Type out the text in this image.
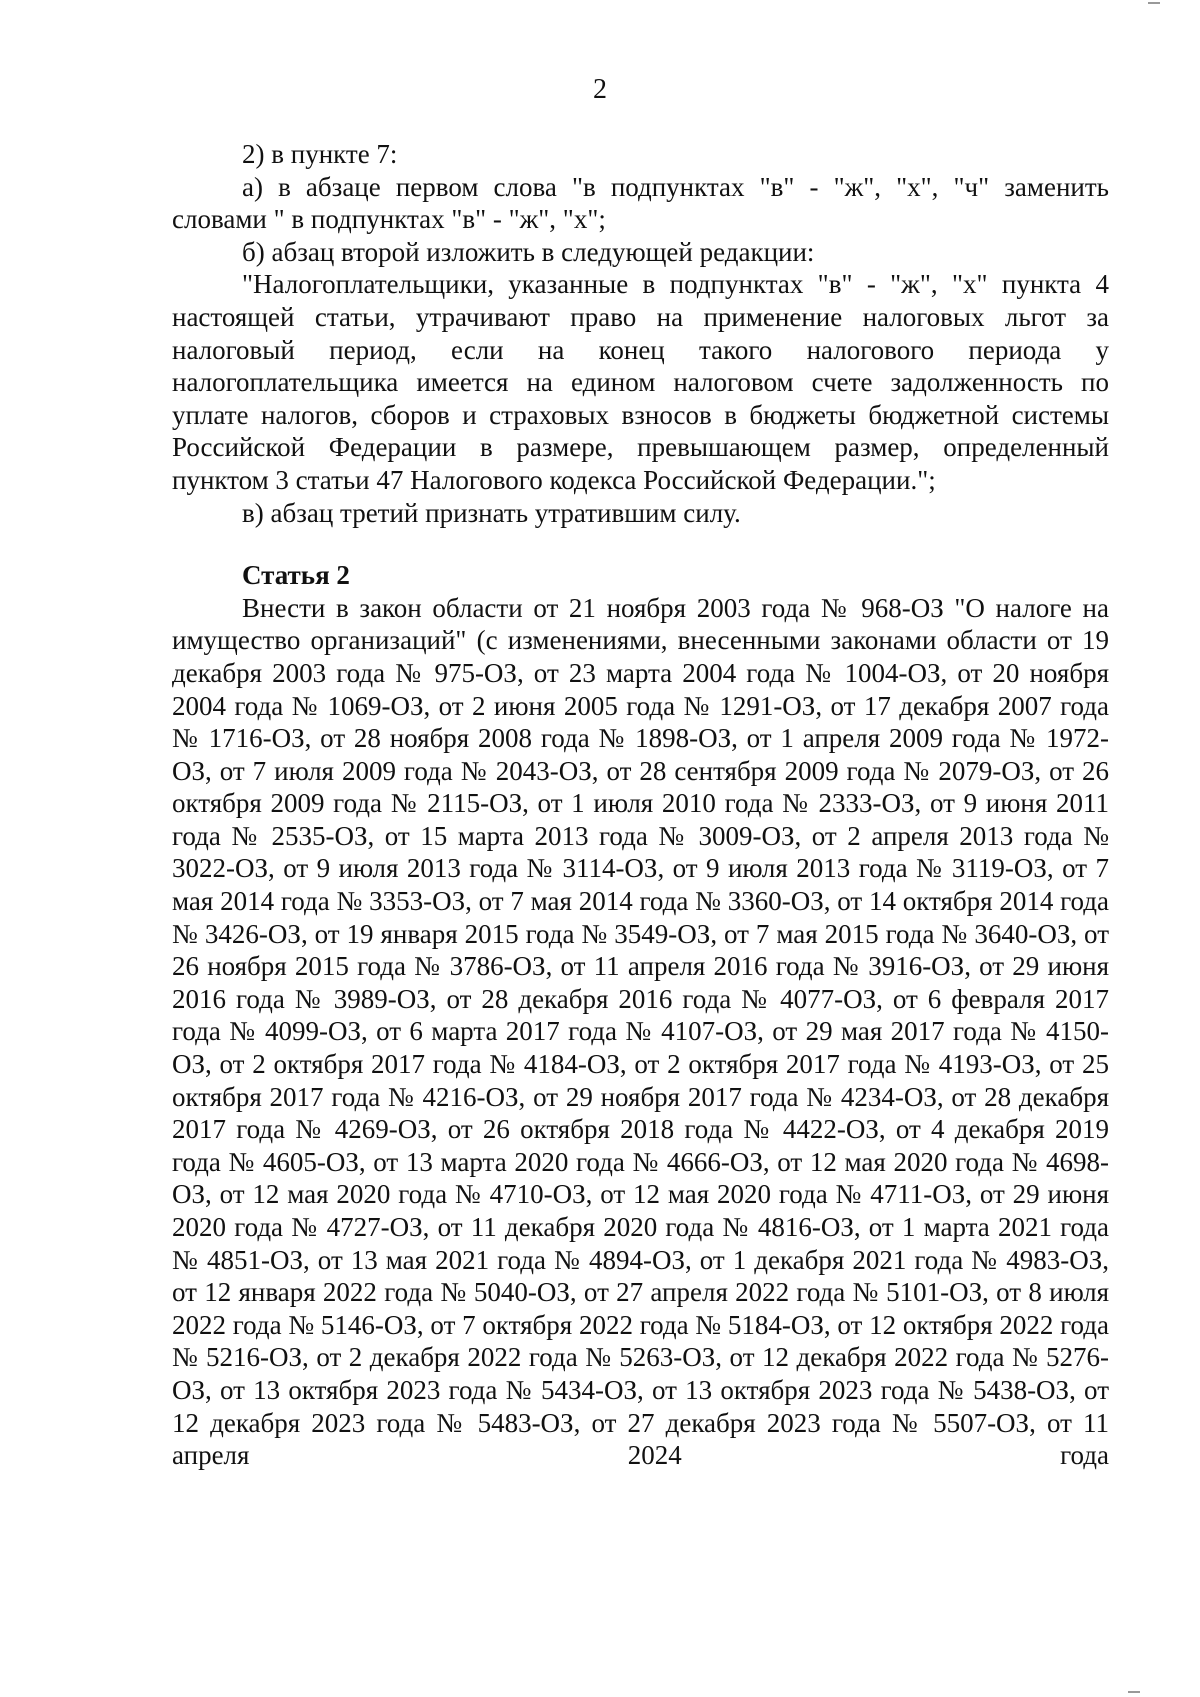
2

2) в пункте 7:

а) в абзаце первом слова "в подпунктах "в" - "ж", "х", "ч" заменить словами " в подпунктах "в" - "ж", "х";

б) абзац второй изложить в следующей редакции:

"Налогоплательщики, указанные в подпунктах "в" - "ж", "х" пункта 4 настоящей статьи, утрачивают право на применение налоговых льгот за налоговый период, если на конец такого налогового периода у налогоплательщика имеется на едином налоговом счете задолженность по уплате налогов, сборов и страховых взносов в бюджеты бюджетной системы Российской Федерации в размере, превышающем размер, определенный пунктом 3 статьи 47 Налогового кодекса Российской Федерации.";

в) абзац третий признать утратившим силу.

Статья 2

Внести в закон области от 21 ноября 2003 года № 968-ОЗ "О налоге на имущество организаций" (с изменениями, внесенными законами области от 19 декабря 2003 года № 975-ОЗ, от 23 марта 2004 года № 1004-ОЗ, от 20 ноября 2004 года № 1069-ОЗ, от 2 июня 2005 года № 1291-ОЗ, от 17 декабря 2007 года № 1716-ОЗ, от 28 ноября 2008 года № 1898-ОЗ, от 1 апреля 2009 года № 1972-ОЗ, от 7 июля 2009 года № 2043-ОЗ, от 28 сентября 2009 года № 2079-ОЗ, от 26 октября 2009 года № 2115-ОЗ, от 1 июля 2010 года № 2333-ОЗ, от 9 июня 2011 года № 2535-ОЗ, от 15 марта 2013 года № 3009-ОЗ, от 2 апреля 2013 года № 3022-ОЗ, от 9 июля 2013 года № 3114-ОЗ, от 9 июля 2013 года № 3119-ОЗ, от 7 мая 2014 года № 3353-ОЗ, от 7 мая 2014 года № 3360-ОЗ, от 14 октября 2014 года № 3426-ОЗ, от 19 января 2015 года № 3549-ОЗ, от 7 мая 2015 года № 3640-ОЗ, от 26 ноября 2015 года № 3786-ОЗ, от 11 апреля 2016 года № 3916-ОЗ, от 29 июня 2016 года № 3989-ОЗ, от 28 декабря 2016 года № 4077-ОЗ, от 6 февраля 2017 года № 4099-ОЗ, от 6 марта 2017 года № 4107-ОЗ, от 29 мая 2017 года № 4150-ОЗ, от 2 октября 2017 года № 4184-ОЗ, от 2 октября 2017 года № 4193-ОЗ, от 25 октября 2017 года № 4216-ОЗ, от 29 ноября 2017 года № 4234-ОЗ, от 28 декабря 2017 года № 4269-ОЗ, от 26 октября 2018 года № 4422-ОЗ, от 4 декабря 2019 года № 4605-ОЗ, от 13 марта 2020 года № 4666-ОЗ, от 12 мая 2020 года № 4698-ОЗ, от 12 мая 2020 года № 4710-ОЗ, от 12 мая 2020 года № 4711-ОЗ, от 29 июня 2020 года № 4727-ОЗ, от 11 декабря 2020 года № 4816-ОЗ, от 1 марта 2021 года № 4851-ОЗ, от 13 мая 2021 года № 4894-ОЗ, от 1 декабря 2021 года № 4983-ОЗ, от 12 января 2022 года № 5040-ОЗ, от 27 апреля 2022 года № 5101-ОЗ, от 8 июля 2022 года № 5146-ОЗ, от 7 октября 2022 года № 5184-ОЗ, от 12 октября 2022 года № 5216-ОЗ, от 2 декабря 2022 года № 5263-ОЗ, от 12 декабря 2022 года № 5276-ОЗ, от 13 октября 2023 года № 5434-ОЗ, от 13 октября 2023 года № 5438-ОЗ, от 12 декабря 2023 года № 5483-ОЗ, от 27 декабря 2023 года № 5507-ОЗ, от 11 апреля 2024 года
